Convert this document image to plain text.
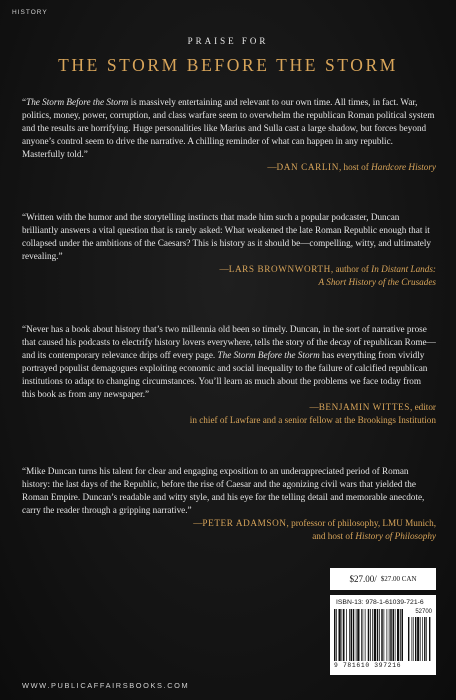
HISTORY
PRAISE FOR
THE STORM BEFORE THE STORM

“The Storm Before the Storm is massively entertaining and relevant to our own time. All times, in fact. War, politics, money, power, corruption, and class warfare seem to overwhelm the republican Roman political system and the results are horrifying. Huge personalities like Marius and Sulla cast a large shadow, but forces beyond anyone’s control seem to drive the narrative. A chilling reminder of what can happen in any republic. Masterfully told.”

—DAN CARLIN, host of Hardcore History

“Written with the humor and the storytelling instincts that made him such a popular podcaster, Duncan brilliantly answers a vital question that is rarely asked: What weakened the late Roman Republic enough that it collapsed under the ambitions of the Caesars? This is history as it should be—compelling, witty, and ultimately revealing.”

—LARS BROWNWORTH, author of In Distant Lands:
A Short History of the Crusades

“Never has a book about history that’s two millennia old been so timely. Duncan, in the sort of narrative prose that caused his podcasts to electrify history lovers everywhere, tells the story of the decay of republican Rome—and its contemporary relevance drips off every page. The Storm Before the Storm has everything from vividly portrayed populist demagogues exploiting economic and social inequality to the failure of calcified republican institutions to adapt to changing circumstances. You’ll learn as much about the problems we face today from this book as from any newspaper.”

—BENJAMIN WITTES, editor
in chief of Lawfare and a senior fellow at the Brookings Institution

“Mike Duncan turns his talent for clear and engaging exposition to an underappreciated period of Roman history: the last days of the Republic, before the rise of Caesar and the agonizing civil wars that yielded the Roman Empire. Duncan’s readable and witty style, and his eye for the telling detail and memorable anecdote, carry the reader through a gripping narrative.”

—PETER ADAMSON, professor of philosophy, LMU Munich,
and host of History of Philosophy
$27.00 / $27.00 CAN
ISBN-13: 978-1-61039-721-6
52700
9 781610 397216
WWW.PUBLICAFFAIRSBOOKS.COM
